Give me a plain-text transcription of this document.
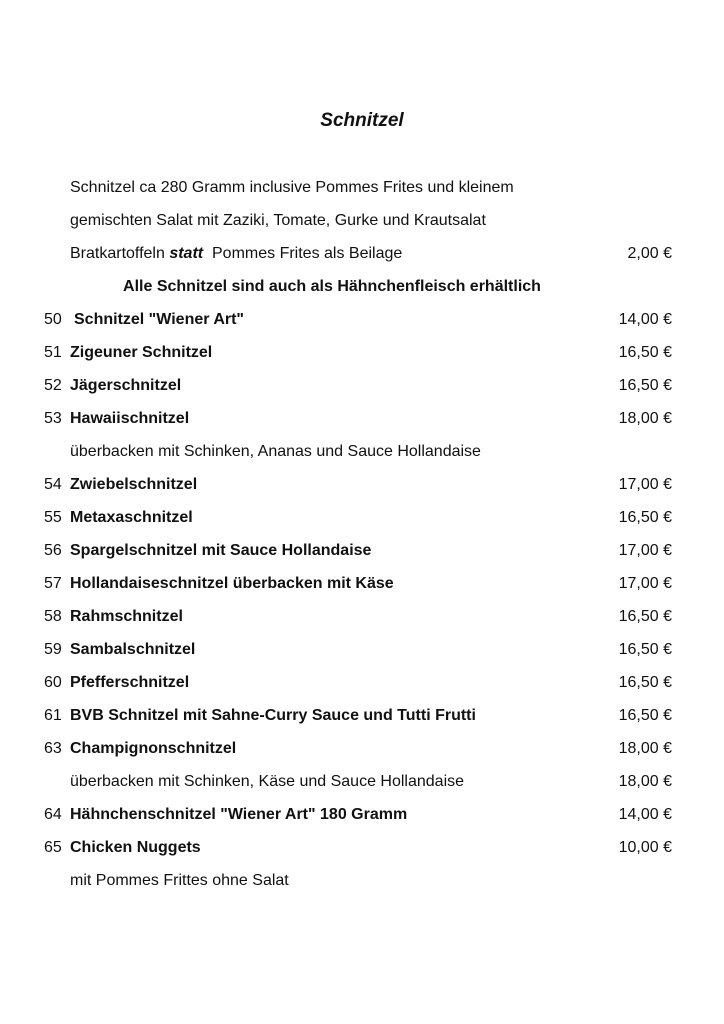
Schnitzel
Schnitzel ca 280 Gramm inclusive Pommes Frites und kleinem
gemischten Salat mit Zaziki, Tomate, Gurke und Krautsalat
Bratkartoffeln statt Pommes Frites als Beilage	2,00 €
Alle Schnitzel sind auch als Hähnchenfleisch erhältlich
50 Schnitzel "Wiener Art"	14,00 €
51 Zigeuner Schnitzel	16,50 €
52 Jägerschnitzel	16,50 €
53 Hawaiischnitzel	18,00 €
überbacken mit Schinken, Ananas und Sauce Hollandaise
54 Zwiebelschnitzel	17,00 €
55 Metaxaschnitzel	16,50 €
56 Spargelschnitzel mit Sauce Hollandaise	17,00 €
57 Hollandaiseschnitzel überbacken mit Käse	17,00 €
58 Rahmschnitzel	16,50 €
59 Sambalschnitzel	16,50 €
60 Pfefferschnitzel	16,50 €
61 BVB Schnitzel mit Sahne-Curry Sauce und Tutti Frutti	16,50 €
63 Champignonschnitzel	18,00 €
überbacken mit Schinken, Käse und Sauce Hollandaise	18,00 €
64 Hähnchenschnitzel "Wiener Art" 180 Gramm	14,00 €
65 Chicken Nuggets	10,00 €
mit Pommes Frittes ohne Salat
